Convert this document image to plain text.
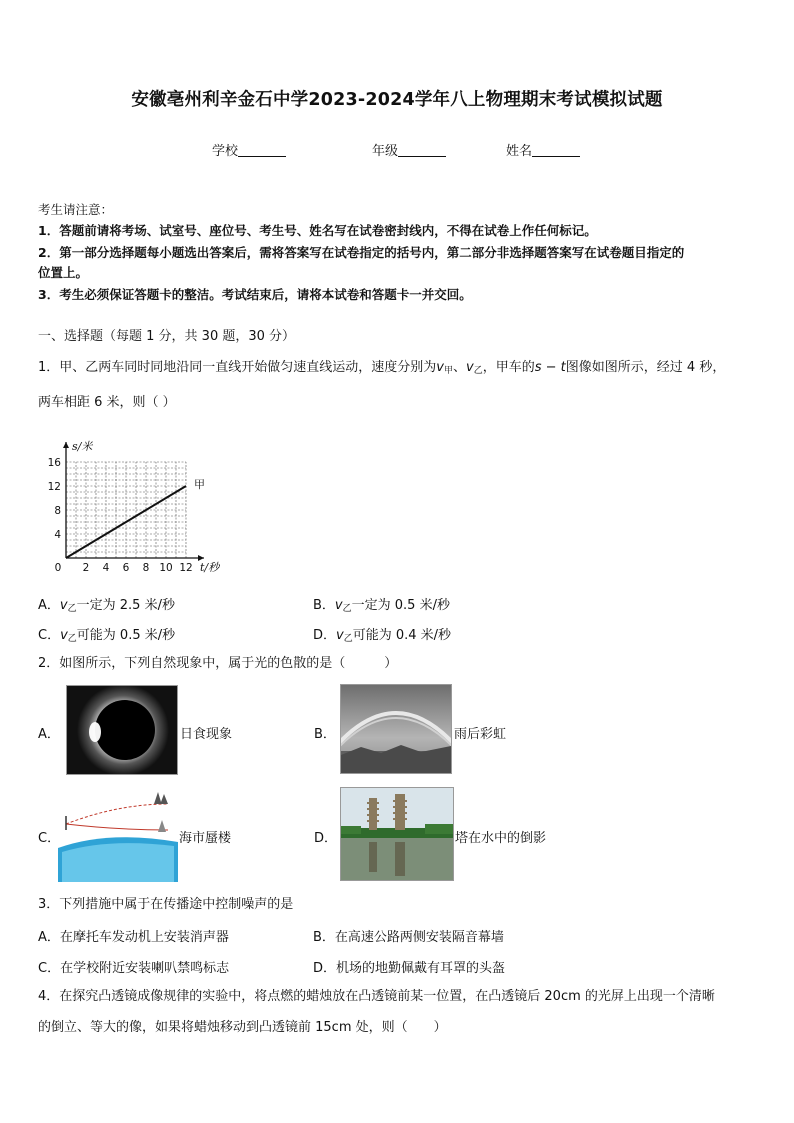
安徽亳州利辛金石中学2023-2024学年八上物理期末考试模拟试题
学校	年级	姓名
考生请注意：
1．答题前请将考场、试室号、座位号、考生号、姓名写在试卷密封线内，不得在试卷上作任何标记。
2．第一部分选择题每小题选出答案后，需将答案写在试卷指定的括号内，第二部分非选择题答案写在试卷题目指定的
位置上。
3．考生必须保证答题卡的整洁。考试结束后，请将本试卷和答题卡一并交回。
一、选择题（每题 1 分，共 30 题，30 分）
1．甲、乙两车同时同地沿同一直线开始做匀速直线运动，速度分别为$v_甲$、$v_乙$，甲车的s − t图像如图所示，经过 4 秒，
两车相距 6 米，则（ ）
0 2 4 6 8 10 12
4
8
12
16
s/米
t/秒
甲
A．$v_乙$一定为 2.5 米/秒	B．$v_乙$一定为 0.5 米/秒
C．$v_乙$可能为 0.5 米/秒	D．$v_乙$可能为 0.4 米/秒
2．如图所示，下列自然现象中，属于光的色散的是（　　　）
A．	日食现象	B．	雨后彩虹
C．	海市蜃楼	D．	塔在水中的倒影
3．下列措施中属于在传播途中控制噪声的是
A．在摩托车发动机上安装消声器	B．在高速公路两侧安装隔音幕墙
C．在学校附近安装喇叭禁鸣标志	D．机场的地勤佩戴有耳罩的头盔
4．在探究凸透镜成像规律的实验中，将点燃的蜡烛放在凸透镜前某一位置，在凸透镜后 20cm 的光屏上出现一个清晰
的倒立、等大的像，如果将蜡烛移动到凸透镜前 15cm 处，则（　　）
